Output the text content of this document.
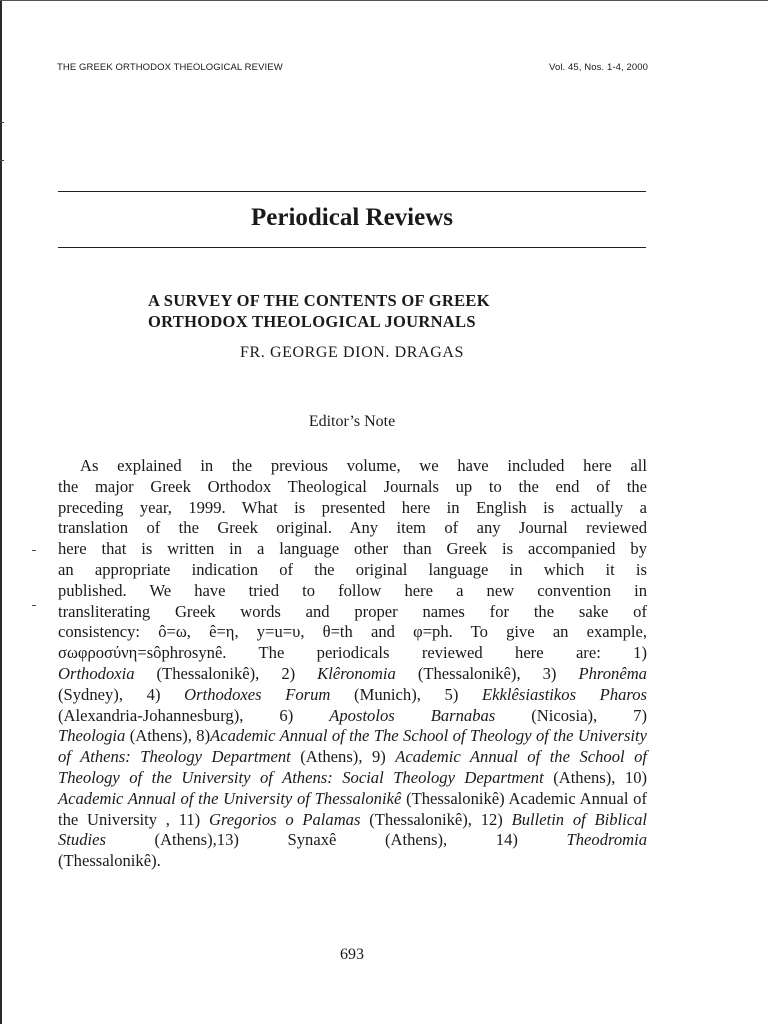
THE GREEK ORTHODOX THEOLOGICAL REVIEW	Vol. 45, Nos. 1-4, 2000
Periodical Reviews
A SURVEY OF THE CONTENTS OF GREEK
ORTHODOX THEOLOGICAL JOURNALS
FR. GEORGE DION. DRAGAS
Editor’s Note
As explained in the previous volume, we have included here all
the major Greek Orthodox Theological Journals up to the end of the
preceding year, 1999. What is presented here in English is actually a
translation of the Greek original. Any item of any Journal reviewed
here that is written in a language other than Greek is accompanied by
an appropriate indication of the original language in which it is
published. We have tried to follow here a new convention in
transliterating Greek words and proper names for the sake of
consistency: ô=ω, ê=η, y=u=υ, θ=th and φ=ph. To give an example,
σωφροσύνη=sôphrosynê. The periodicals reviewed here are: 1)
Orthodoxia (Thessalonikê), 2) Klêronomia (Thessalonikê), 3) Phronêma
(Sydney), 4) Orthodoxes Forum (Munich), 5) Ekklêsiastikos Pharos
(Alexandria-Johannesburg), 6) Apostolos Barnabas (Nicosia), 7)
Theologia (Athens), 8)Academic Annual of the The School of Theology of the University of Athens: Theology Department (Athens), 9) Academic Annual of the School of Theology of the University of Athens: Social Theology Department (Athens), 10) Academic Annual of the University of Thessalonikê (Thessalonikê) Academic Annual of the University , 11) Gregorios o Palamas (Thessalonikê), 12) Bulletin of Biblical Studies	(Athens),13)	Synaxê	(Athens), 14)	Theodromia
(Thessalonikê).
693
